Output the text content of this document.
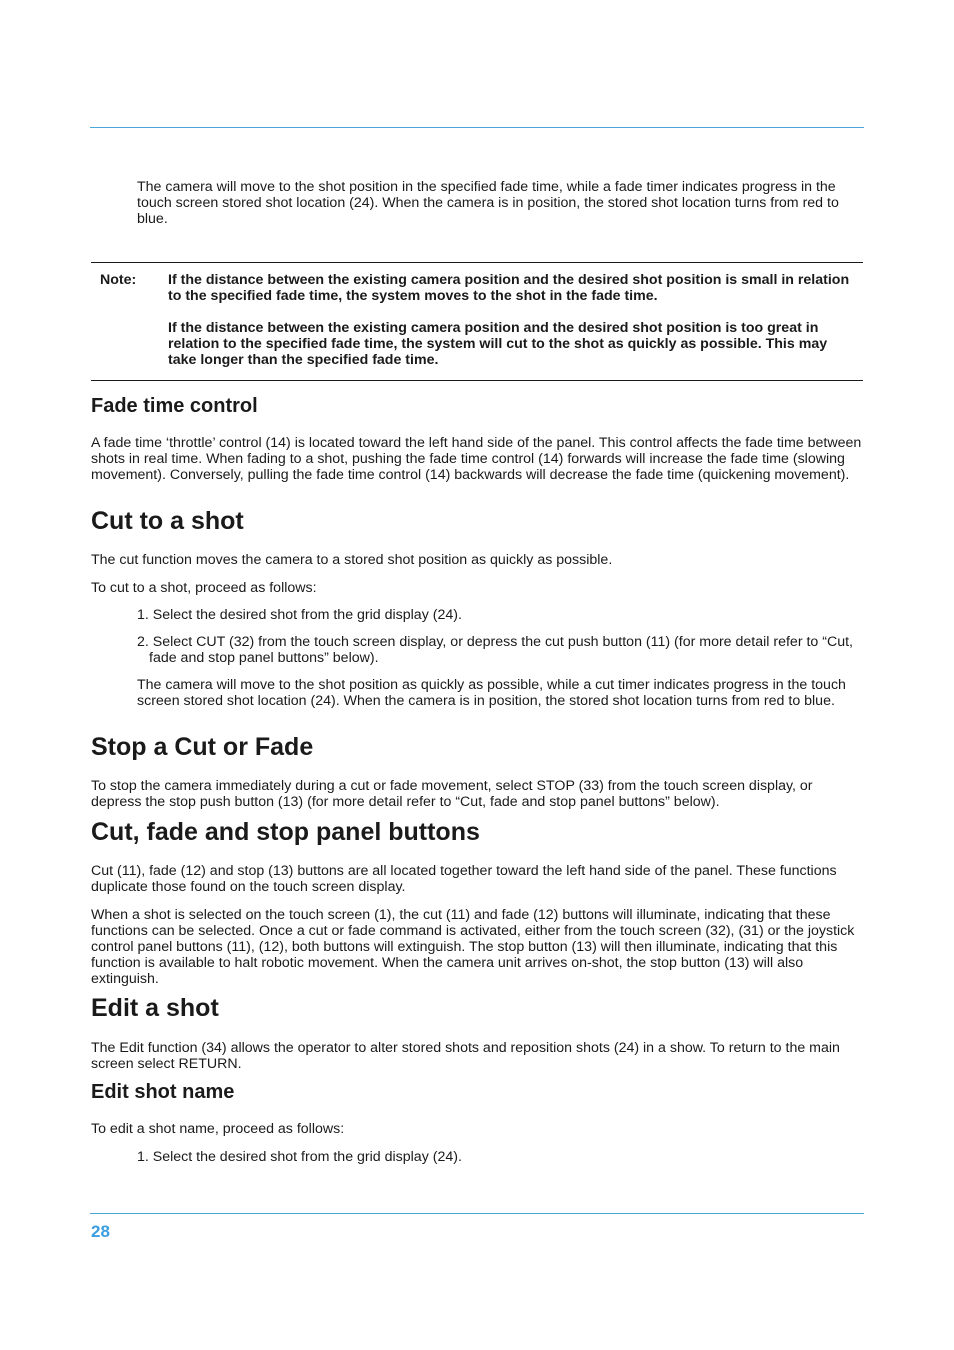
The camera will move to the shot position in the specified fade time, while a fade timer indicates progress in the touch screen stored shot location (24). When the camera is in position, the stored shot location turns from red to blue.

Note: If the distance between the existing camera position and the desired shot position is small in relation to the specified fade time, the system moves to the shot in the fade time.

If the distance between the existing camera position and the desired shot position is too great in relation to the specified fade time, the system will cut to the shot as quickly as possible. This may take longer than the specified fade time.

Fade time control

A fade time ‘throttle’ control (14) is located toward the left hand side of the panel. This control affects the fade time between shots in real time. When fading to a shot, pushing the fade time control (14) forwards will increase the fade time (slowing movement). Conversely, pulling the fade time control (14) backwards will decrease the fade time (quickening movement).

Cut to a shot

The cut function moves the camera to a stored shot position as quickly as possible.

To cut to a shot, proceed as follows:

1. Select the desired shot from the grid display (24).

2. Select CUT (32) from the touch screen display, or depress the cut push button (11) (for more detail refer to “Cut, fade and stop panel buttons” below).

The camera will move to the shot position as quickly as possible, while a cut timer indicates progress in the touch screen stored shot location (24). When the camera is in position, the stored shot location turns from red to blue.

Stop a Cut or Fade

To stop the camera immediately during a cut or fade movement, select STOP (33) from the touch screen display, or depress the stop push button (13) (for more detail refer to “Cut, fade and stop panel buttons” below).

Cut, fade and stop panel buttons

Cut (11), fade (12) and stop (13) buttons are all located together toward the left hand side of the panel. These functions duplicate those found on the touch screen display.

When a shot is selected on the touch screen (1), the cut (11) and fade (12) buttons will illuminate, indicating that these functions can be selected. Once a cut or fade command is activated, either from the touch screen (32), (31) or the joystick control panel buttons (11), (12), both buttons will extinguish. The stop button (13) will then illuminate, indicating that this function is available to halt robotic movement. When the camera unit arrives on-shot, the stop button (13) will also extinguish.

Edit a shot

The Edit function (34) allows the operator to alter stored shots and reposition shots (24) in a show. To return to the main screen select RETURN.

Edit shot name

To edit a shot name, proceed as follows:

1. Select the desired shot from the grid display (24).

28
